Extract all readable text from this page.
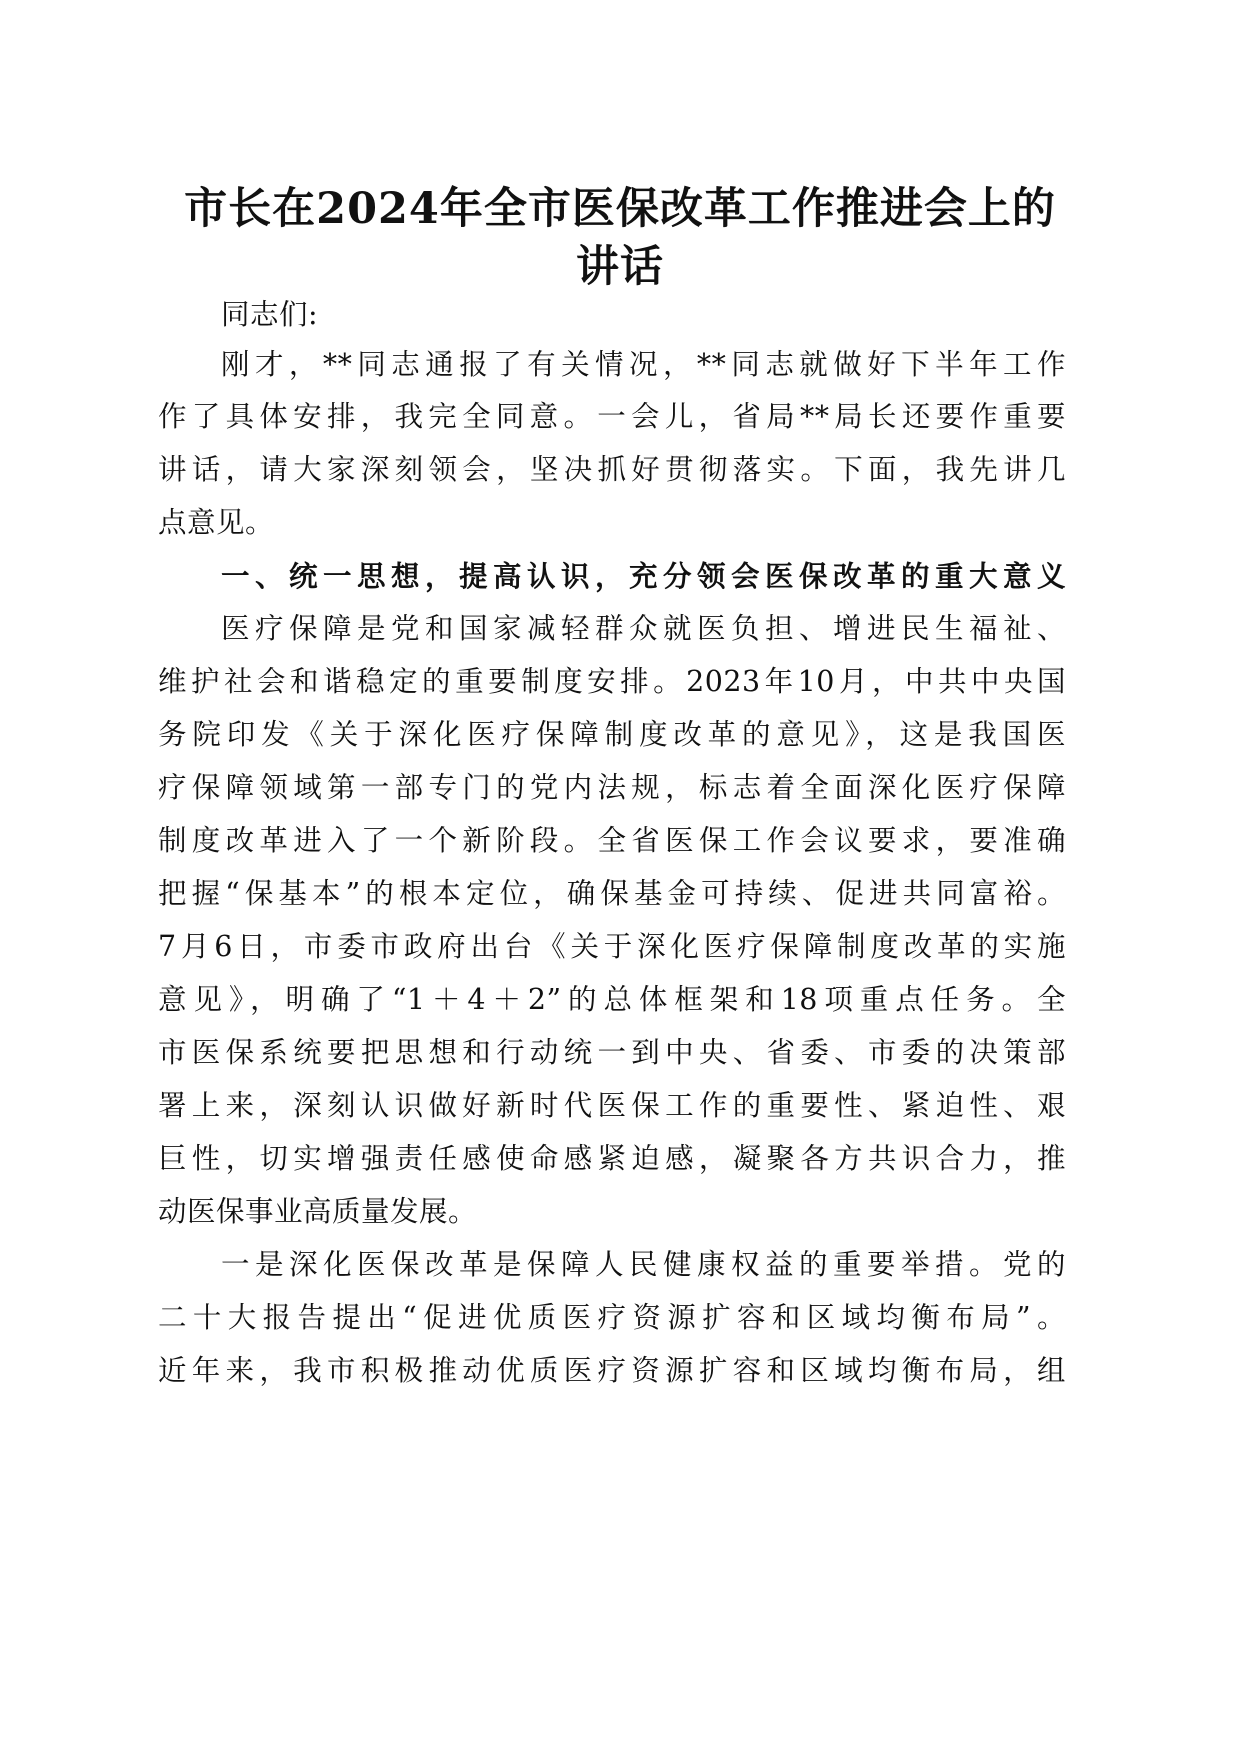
市长在2024年全市医保改革工作推进会上的
讲话
同志们:
刚才，**同志通报了有关情况，**同志就做好下半年工作
作了具体安排，我完全同意。一会儿，省局**局长还要作重要
讲话，请大家深刻领会，坚决抓好贯彻落实。下面，我先讲几
点意见。
一、统一思想，提高认识，充分领会医保改革的重大意义
医疗保障是党和国家减轻群众就医负担、增进民生福祉、
维护社会和谐稳定的重要制度安排。2023年10月，中共中央国
务院印发《关于深化医疗保障制度改革的意见》，这是我国医
疗保障领域第一部专门的党内法规，标志着全面深化医疗保障
制度改革进入了一个新阶段。全省医保工作会议要求，要准确
把握“保基本”的根本定位，确保基金可持续、促进共同富裕。
7月6日，市委市政府出台《关于深化医疗保障制度改革的实施
意见》，明确了“1＋4＋2”的总体框架和18项重点任务。全
市医保系统要把思想和行动统一到中央、省委、市委的决策部
署上来，深刻认识做好新时代医保工作的重要性、紧迫性、艰
巨性，切实增强责任感使命感紧迫感，凝聚各方共识合力，推
动医保事业高质量发展。
一是深化医保改革是保障人民健康权益的重要举措。党的
二十大报告提出“促进优质医疗资源扩容和区域均衡布局”。
近年来，我市积极推动优质医疗资源扩容和区域均衡布局，组
